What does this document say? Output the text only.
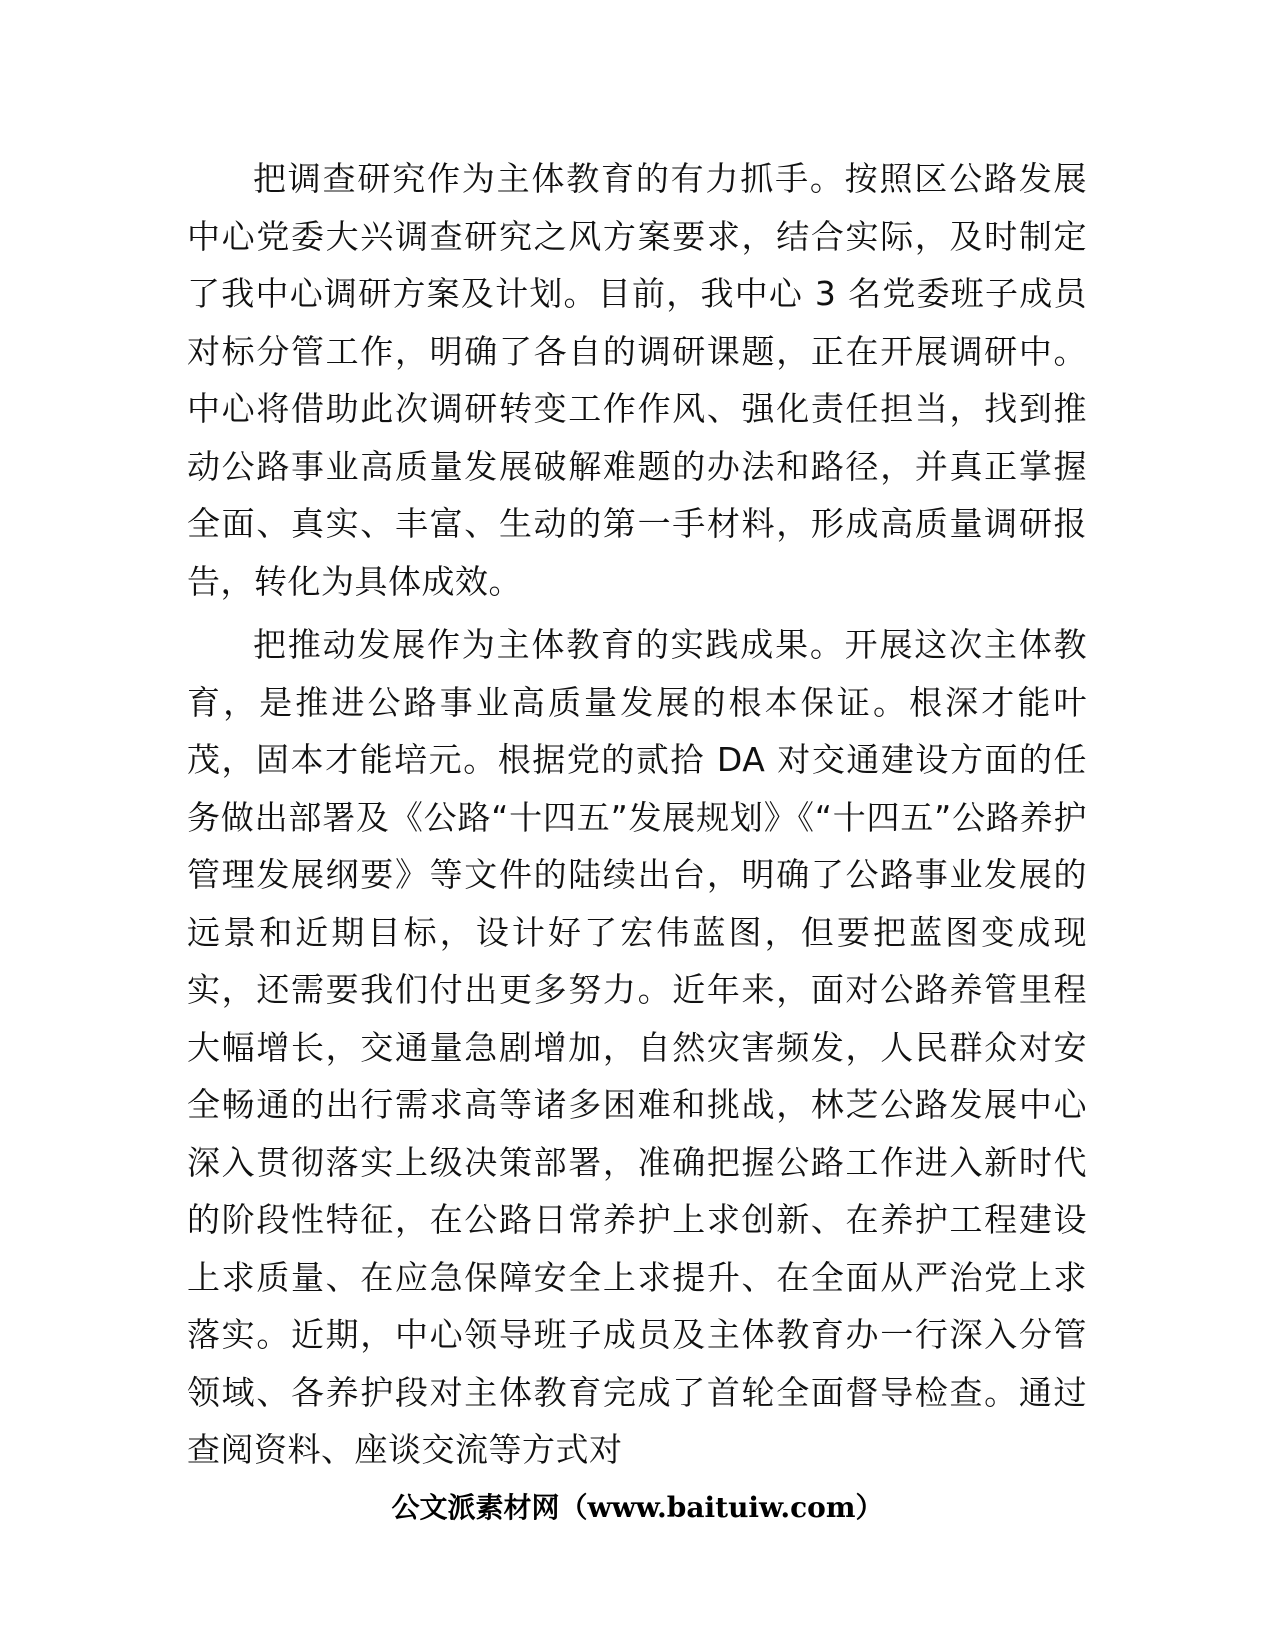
把调查研究作为主体教育的有力抓手。按照区公路发展中心党委大兴调查研究之风方案要求，结合实际，及时制定了我中心调研方案及计划。目前，我中心 3 名党委班子成员对标分管工作，明确了各自的调研课题，正在开展调研中。中心将借助此次调研转变工作作风、强化责任担当，找到推动公路事业高质量发展破解难题的办法和路径，并真正掌握全面、真实、丰富、生动的第一手材料，形成高质量调研报告，转化为具体成效。

把推动发展作为主体教育的实践成果。开展这次主体教育，是推进公路事业高质量发展的根本保证。根深才能叶茂，固本才能培元。根据党的贰拾 DA 对交通建设方面的任务做出部署及《公路“十四五”发展规划》《“十四五”公路养护管理发展纲要》等文件的陆续出台，明确了公路事业发展的远景和近期目标，设计好了宏伟蓝图，但要把蓝图变成现实，还需要我们付出更多努力。近年来，面对公路养管里程大幅增长，交通量急剧增加，自然灾害频发，人民群众对安全畅通的出行需求高等诸多困难和挑战，林芝公路发展中心深入贯彻落实上级决策部署，准确把握公路工作进入新时代的阶段性特征，在公路日常养护上求创新、在养护工程建设上求质量、在应急保障安全上求提升、在全面从严治党上求落实。近期，中心领导班子成员及主体教育办一行深入分管领域、各养护段对主体教育完成了首轮全面督导检查。通过查阅资料、座谈交流等方式对

公文派素材网（www.baituiw.com）
